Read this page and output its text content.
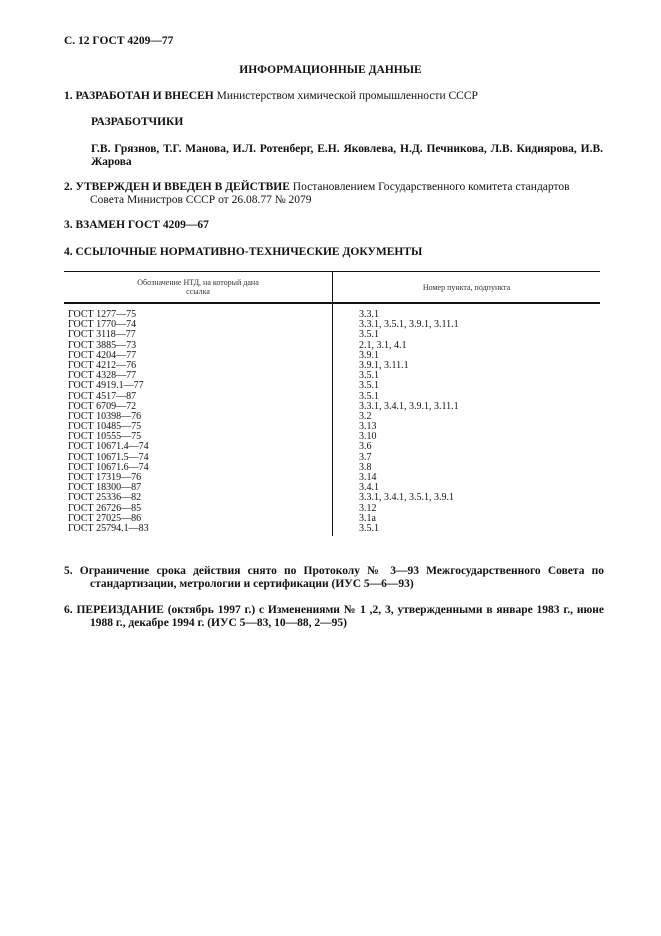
С. 12 ГОСТ 4209—77
ИНФОРМАЦИОННЫЕ ДАННЫЕ
1. РАЗРАБОТАН И ВНЕСЕН Министерством химической промышленности СССР
РАЗРАБОТЧИКИ
Г.В. Грязнов, Т.Г. Манова, И.Л. Ротенберг, Е.Н. Яковлева, Н.Д. Печникова, Л.В. Кидиярова, И.В. Жарова
2. УТВЕРЖДЕН И ВВЕДЕН В ДЕЙСТВИЕ Постановлением Государственного комитета стандартов Совета Министров СССР от 26.08.77 № 2079
3. ВЗАМЕН ГОСТ 4209—67
4. ССЫЛОЧНЫЕ НОРМАТИВНО-ТЕХНИЧЕСКИЕ ДОКУМЕНТЫ
Обозначение НТД, на который дана ссылка	Номер пункта, подпункта
ГОСТ 1277—75
ГОСТ 1770—74
ГОСТ 3118—77
ГОСТ 3885—73
ГОСТ 4204—77
ГОСТ 4212—76
ГОСТ 4328—77
ГОСТ 4919.1—77
ГОСТ 4517—87
ГОСТ 6709—72
ГОСТ 10398—76
ГОСТ 10485—75
ГОСТ 10555—75
ГОСТ 10671.4—74
ГОСТ 10671.5—74
ГОСТ 10671.6—74
ГОСТ 17319—76
ГОСТ 18300—87
ГОСТ 25336—82
ГОСТ 26726—85
ГОСТ 27025—86
ГОСТ 25794.1—83
3.3.1
3.3.1, 3.5.1, 3.9.1, 3.11.1
3.5.1
2.1, 3.1, 4.1
3.9.1
3.9.1, 3.11.1
3.5.1
3.5.1
3.5.1
3.3.1, 3.4.1, 3.9.1, 3.11.1
3.2
3.13
3.10
3.6
3.7
3.8
3.14
3.4.1
3.3.1, 3.4.1, 3.5.1, 3.9.1
3.12
3.1а
3.5.1
5. Ограничение срока действия снято по Протоколу № 3—93 Межгосударственного Совета по стандартизации, метрологии и сертификации (ИУС 5—6—93)
6. ПЕРЕИЗДАНИЕ (октябрь 1997 г.) с Изменениями № 1 ,2, 3, утвержденными в январе 1983 г., июне 1988 г., декабре 1994 г. (ИУС 5—83, 10—88, 2—95)
